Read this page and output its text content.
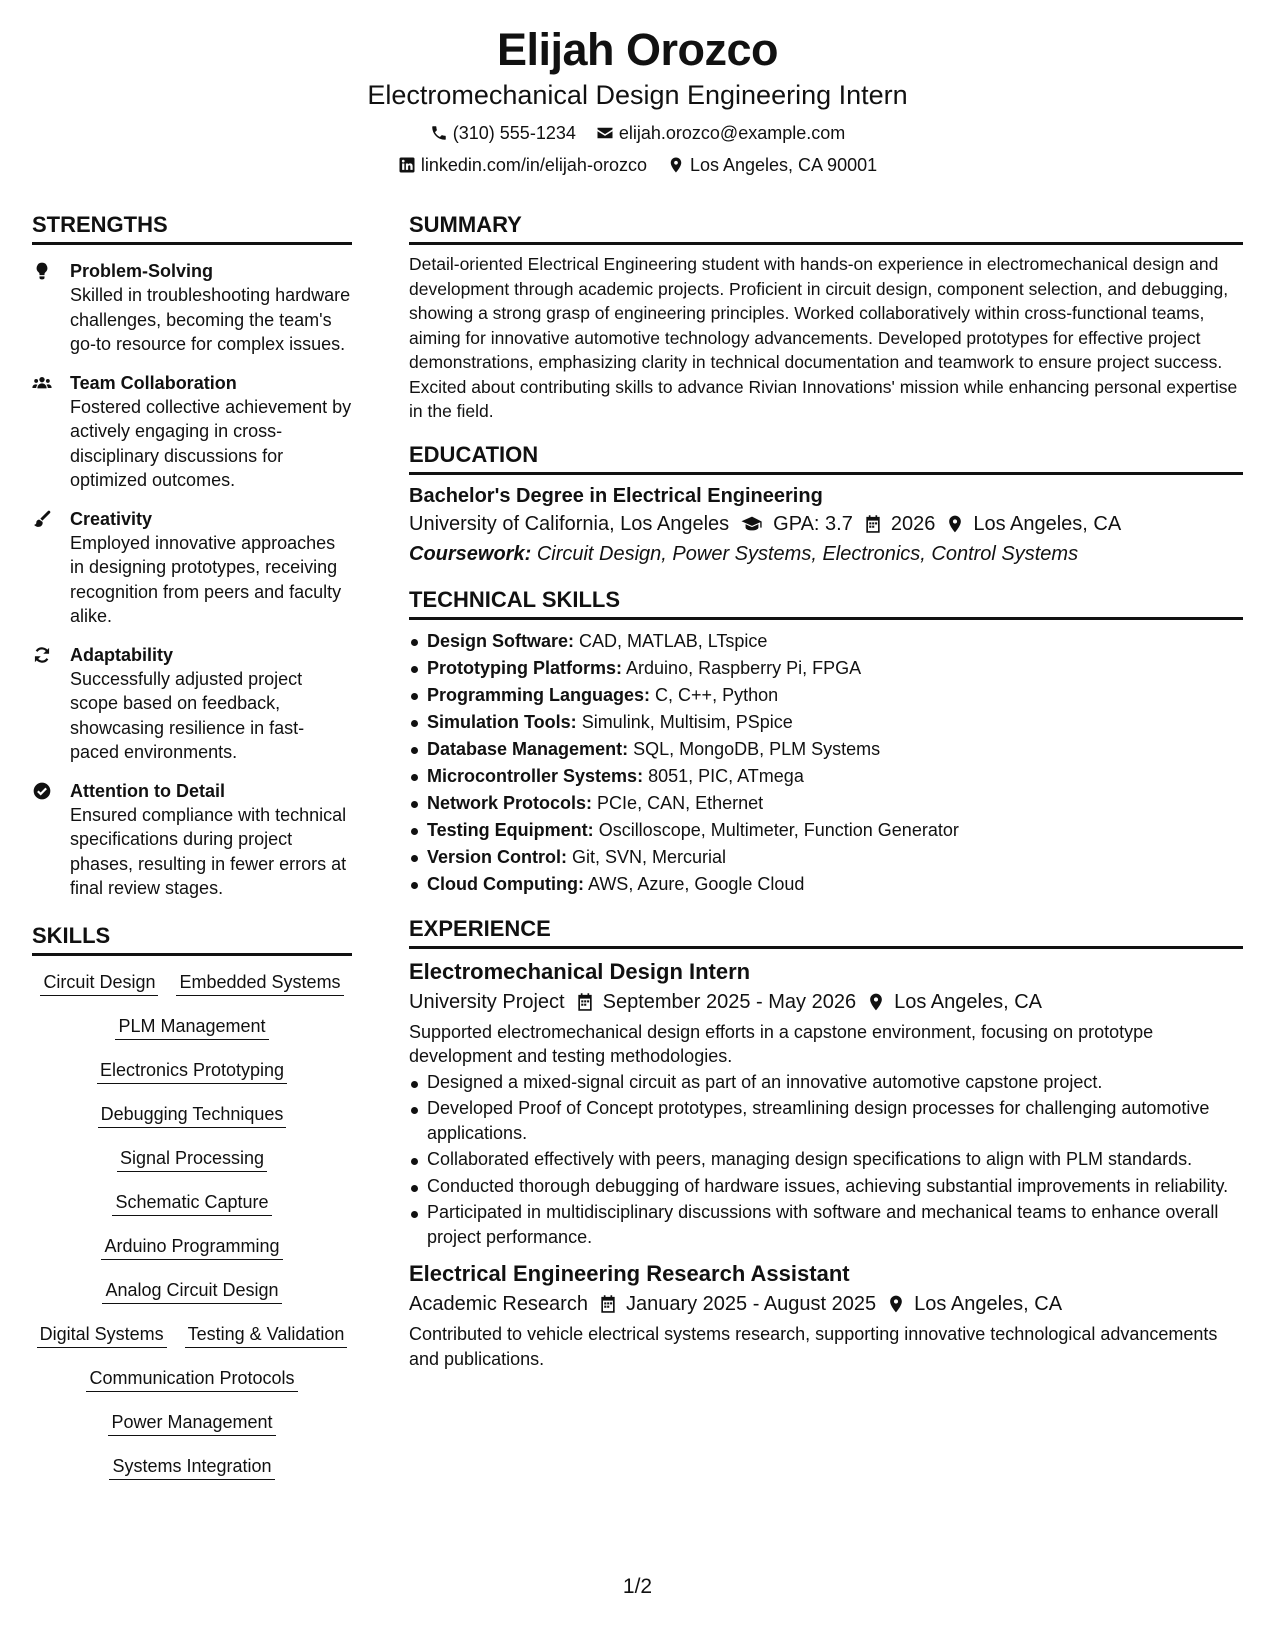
Elijah Orozco
Electromechanical Design Engineering Intern
(310) 555-1234 elijah.orozco@example.com
linkedin.com/in/elijah-orozco Los Angeles, CA 90001
STRENGTHS
Problem-Solving
Skilled in troubleshooting hardware challenges, becoming the team's go-to resource for complex issues.
Team Collaboration
Fostered collective achievement by actively engaging in cross-disciplinary discussions for optimized outcomes.
Creativity
Employed innovative approaches in designing prototypes, receiving recognition from peers and faculty alike.
Adaptability
Successfully adjusted project scope based on feedback, showcasing resilience in fast-paced environments.
Attention to Detail
Ensured compliance with technical specifications during project phases, resulting in fewer errors at final review stages.
SKILLS
Circuit Design Embedded Systems
PLM Management
Electronics Prototyping
Debugging Techniques
Signal Processing
Schematic Capture
Arduino Programming
Analog Circuit Design
Digital Systems Testing & Validation
Communication Protocols
Power Management
Systems Integration
SUMMARY
Detail-oriented Electrical Engineering student with hands-on experience in electromechanical design and development through academic projects. Proficient in circuit design, component selection, and debugging, showing a strong grasp of engineering principles. Worked collaboratively within cross-functional teams, aiming for innovative automotive technology advancements. Developed prototypes for effective project demonstrations, emphasizing clarity in technical documentation and teamwork to ensure project success. Excited about contributing skills to advance Rivian Innovations' mission while enhancing personal expertise in the field.
EDUCATION
Bachelor's Degree in Electrical Engineering
University of California, Los Angeles GPA: 3.7 2026 Los Angeles, CA
Coursework: Circuit Design, Power Systems, Electronics, Control Systems
TECHNICAL SKILLS
Design Software: CAD, MATLAB, LTspice
Prototyping Platforms: Arduino, Raspberry Pi, FPGA
Programming Languages: C, C++, Python
Simulation Tools: Simulink, Multisim, PSpice
Database Management: SQL, MongoDB, PLM Systems
Microcontroller Systems: 8051, PIC, ATmega
Network Protocols: PCIe, CAN, Ethernet
Testing Equipment: Oscilloscope, Multimeter, Function Generator
Version Control: Git, SVN, Mercurial
Cloud Computing: AWS, Azure, Google Cloud
EXPERIENCE
Electromechanical Design Intern
University Project September 2025 - May 2026 Los Angeles, CA
Supported electromechanical design efforts in a capstone environment, focusing on prototype development and testing methodologies.
Designed a mixed-signal circuit as part of an innovative automotive capstone project.
Developed Proof of Concept prototypes, streamlining design processes for challenging automotive applications.
Collaborated effectively with peers, managing design specifications to align with PLM standards.
Conducted thorough debugging of hardware issues, achieving substantial improvements in reliability.
Participated in multidisciplinary discussions with software and mechanical teams to enhance overall project performance.
Electrical Engineering Research Assistant
Academic Research January 2025 - August 2025 Los Angeles, CA
Contributed to vehicle electrical systems research, supporting innovative technological advancements and publications.
1/2
